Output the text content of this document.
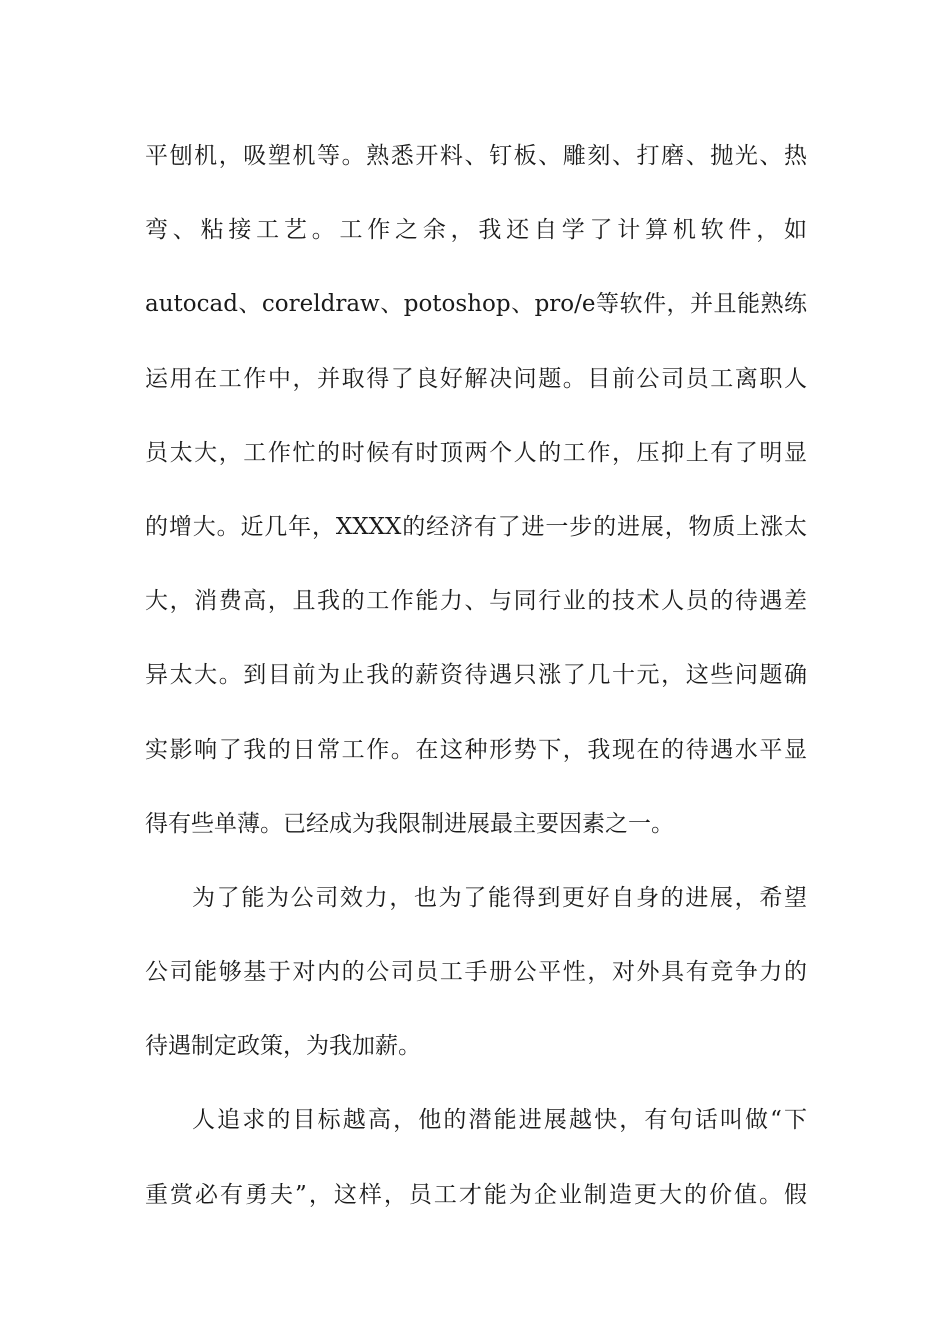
平刨机，吸塑机等。熟悉开料、钉板、雕刻、打磨、抛光、热
弯、粘接工艺。工作之余，我还自学了计算机软件，如
autocad、coreldraw、potoshop、pro/e等软件，并且能熟练
运用在工作中，并取得了良好解决问题。目前公司员工离职人
员太大，工作忙的时候有时顶两个人的工作，压抑上有了明显
的增大。近几年，XXXX的经济有了进一步的进展，物质上涨太
大，消费高，且我的工作能力、与同行业的技术人员的待遇差
异太大。到目前为止我的薪资待遇只涨了几十元，这些问题确
实影响了我的日常工作。在这种形势下，我现在的待遇水平显
得有些单薄。已经成为我限制进展最主要因素之一。
为了能为公司效力，也为了能得到更好自身的进展，希望
公司能够基于对内的公司员工手册公平性，对外具有竞争力的
待遇制定政策，为我加薪。
人追求的目标越高，他的潜能进展越快，有句话叫做“下
重赏必有勇夫”，这样，员工才能为企业制造更大的价值。假
